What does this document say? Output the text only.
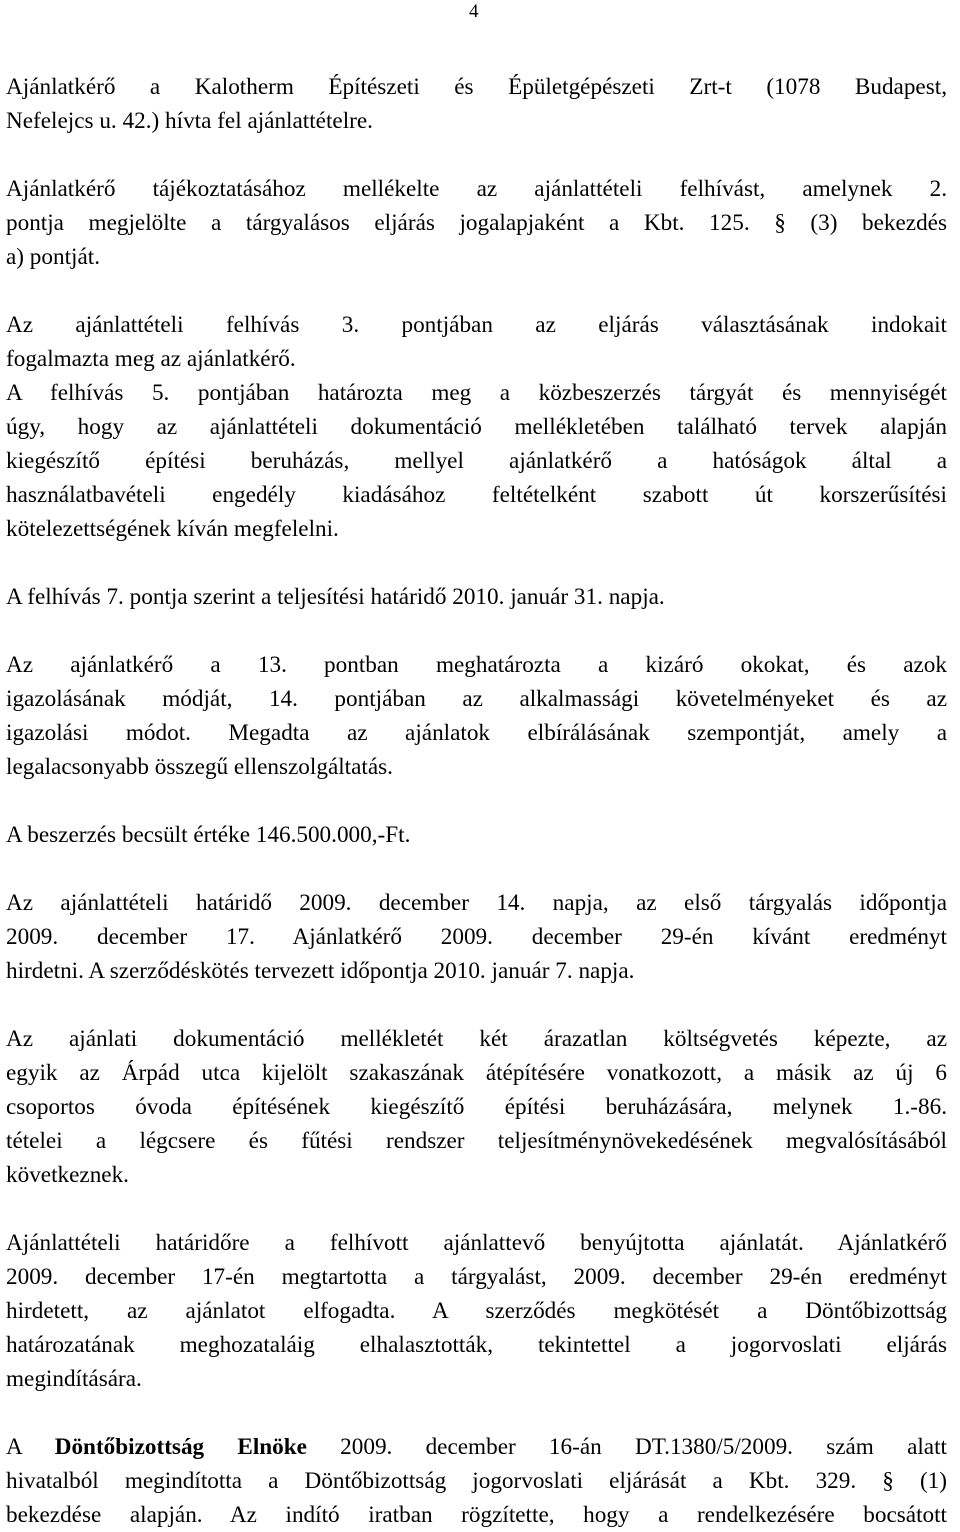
4

Ajánlatkérő a Kalotherm Építészeti és Épületgépészeti Zrt-t (1078 Budapest,
Nefelejcs u. 42.) hívta fel ajánlattételre.

Ajánlatkérő tájékoztatásához mellékelte az ajánlattételi felhívást, amelynek 2.
pontja megjelölte a tárgyalásos eljárás jogalapjaként a Kbt. 125. § (3) bekezdés
a) pontját.

Az ajánlattételi felhívás 3. pontjában az eljárás választásának indokait
fogalmazta meg az ajánlatkérő.
A felhívás 5. pontjában határozta meg a közbeszerzés tárgyát és mennyiségét
úgy, hogy az ajánlattételi dokumentáció mellékletében található tervek alapján
kiegészítő építési beruházás, mellyel ajánlatkérő a hatóságok által a
használatbavételi engedély kiadásához feltételként szabott út korszerűsítési
kötelezettségének kíván megfelelni.

A felhívás 7. pontja szerint a teljesítési határidő 2010. január 31. napja.

Az ajánlatkérő a 13. pontban meghatározta a kizáró okokat, és azok
igazolásának módját, 14. pontjában az alkalmassági követelményeket és az
igazolási módot. Megadta az ajánlatok elbírálásának szempontját, amely a
legalacsonyabb összegű ellenszolgáltatás.

A beszerzés becsült értéke 146.500.000,-Ft.

Az ajánlattételi határidő 2009. december 14. napja, az első tárgyalás időpontja
2009. december 17. Ajánlatkérő 2009. december 29-én kívánt eredményt
hirdetni. A szerződéskötés tervezett időpontja 2010. január 7. napja.

Az ajánlati dokumentáció mellékletét két árazatlan költségvetés képezte, az
egyik az Árpád utca kijelölt szakaszának átépítésére vonatkozott, a másik az új 6
csoportos óvoda építésének kiegészítő építési beruházására, melynek 1.-86.
tételei a légcsere és fűtési rendszer teljesítménynövekedésének megvalósításából
következnek.

Ajánlattételi határidőre a felhívott ajánlattevő benyújtotta ajánlatát. Ajánlatkérő
2009. december 17-én megtartotta a tárgyalást, 2009. december 29-én eredményt
hirdetett, az ajánlatot elfogadta. A szerződés megkötését a Döntőbizottság
határozatának meghozataláig elhalasztották, tekintettel a jogorvoslati eljárás
megindítására.

A Döntőbizottság Elnöke 2009. december 16-án DT.1380/5/2009. szám alatt
hivatalból megindította a Döntőbizottság jogorvoslati eljárását a Kbt. 329. § (1)
bekezdése alapján. Az indító iratban rögzítette, hogy a rendelkezésére bocsátott
